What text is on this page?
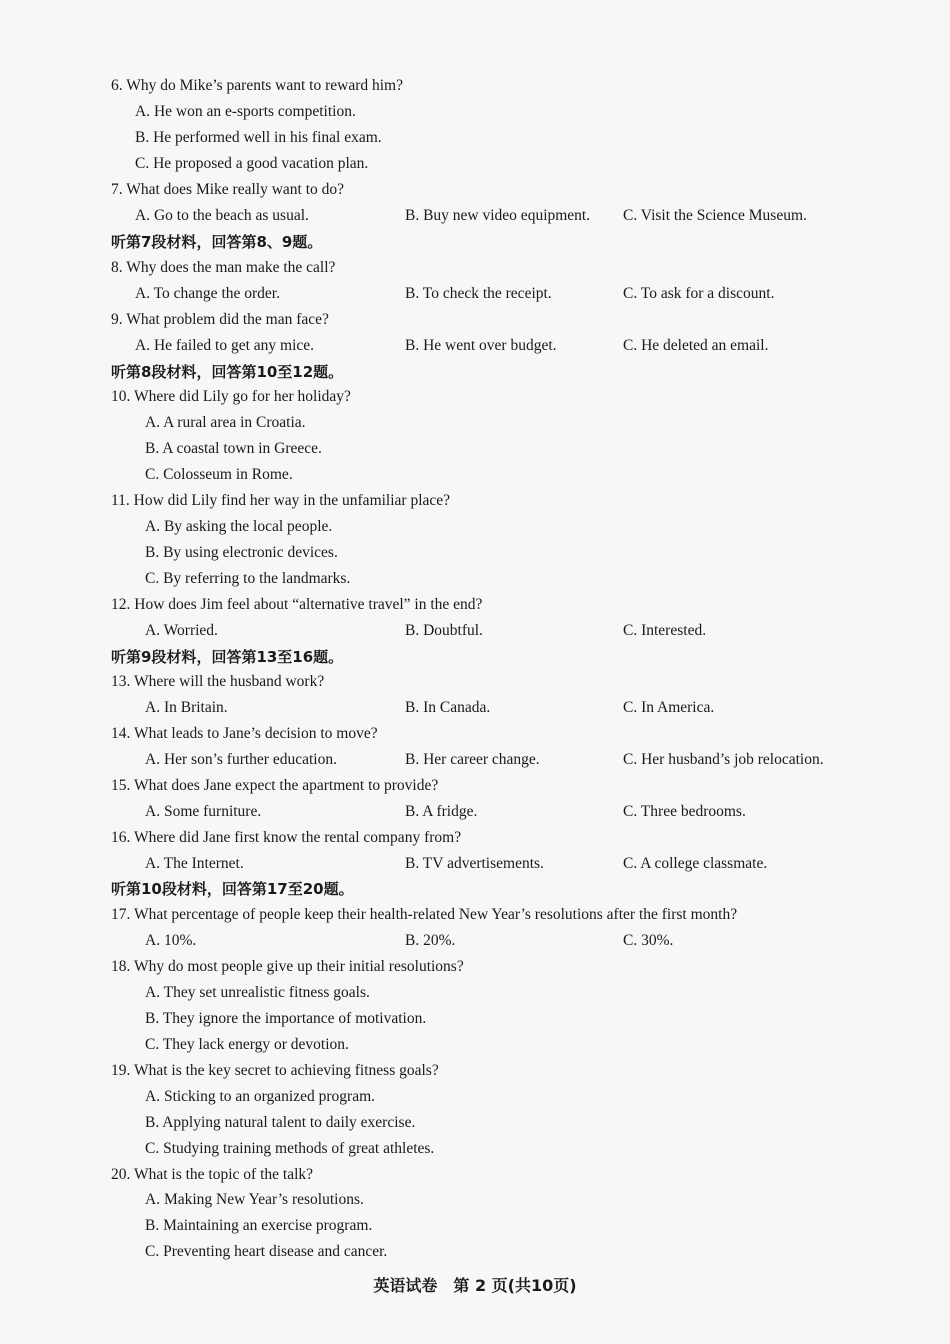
6. Why do Mike’s parents want to reward him?
A. He won an e-sports competition.
B. He performed well in his final exam.
C. He proposed a good vacation plan.
7. What does Mike really want to do?
A. Go to the beach as usual.	B. Buy new video equipment. C. Visit the Science Museum.
听第7段材料，回答第8、9题。
8. Why does the man make the call?
A. To change the order.	B. To check the receipt.	C. To ask for a discount.
9. What problem did the man face?
A. He failed to get any mice.	B. He went over budget.	C. He deleted an email.
听第8段材料，回答第10至12题。
10. Where did Lily go for her holiday?
A. A rural area in Croatia.
B. A coastal town in Greece.
C. Colosseum in Rome.
11. How did Lily find her way in the unfamiliar place?
A. By asking the local people.
B. By using electronic devices.
C. By referring to the landmarks.
12. How does Jim feel about “alternative travel” in the end?
A. Worried.	B. Doubtful.	C. Interested.
听第9段材料，回答第13至16题。
13. Where will the husband work?
A. In Britain.	B. In Canada.	C. In America.
14. What leads to Jane’s decision to move?
A. Her son’s further education.	B. Her career change.	C. Her husband’s job relocation.
15. What does Jane expect the apartment to provide?
A. Some furniture.	B. A fridge.	C. Three bedrooms.
16. Where did Jane first know the rental company from?
A. The Internet.	B. TV advertisements.	C. A college classmate.
听第10段材料，回答第17至20题。
17. What percentage of people keep their health-related New Year’s resolutions after the first month?
A. 10%.	B. 20%.	C. 30%.
18. Why do most people give up their initial resolutions?
A. They set unrealistic fitness goals.
B. They ignore the importance of motivation.
C. They lack energy or devotion.
19. What is the key secret to achieving fitness goals?
A. Sticking to an organized program.
B. Applying natural talent to daily exercise.
C. Studying training methods of great athletes.
20. What is the topic of the talk?
A. Making New Year’s resolutions.
B. Maintaining an exercise program.
C. Preventing heart disease and cancer.
英语试卷　第 2 页(共10页)
